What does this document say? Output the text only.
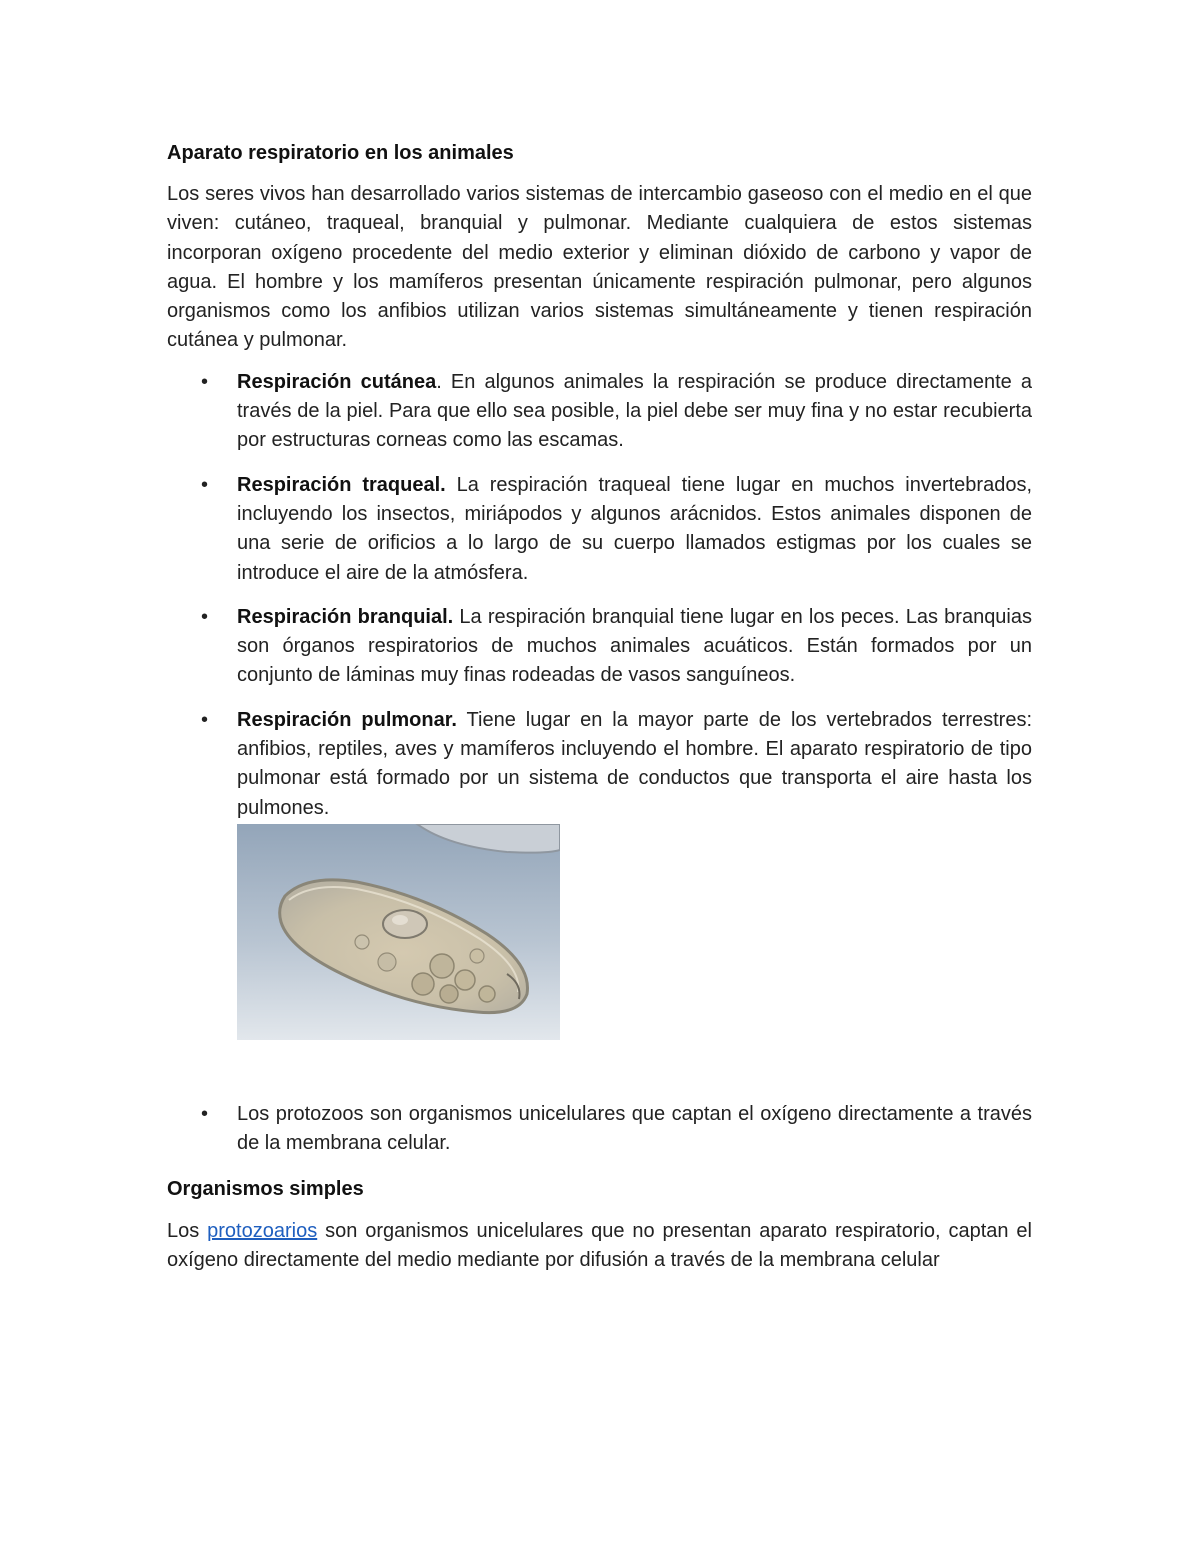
Aparato respiratorio en los animales

Los seres vivos han desarrollado varios sistemas de intercambio gaseoso con el medio en el que viven: cutáneo, traqueal, branquial y pulmonar. Mediante cualquiera de estos sistemas incorporan oxígeno procedente del medio exterior y eliminan dióxido de carbono y vapor de agua. El hombre y los mamíferos presentan únicamente respiración pulmonar, pero algunos organismos como los anfibios utilizan varios sistemas simultáneamente y tienen respiración cutánea y pulmonar.

• Respiración cutánea. En algunos animales la respiración se produce directamente a través de la piel. Para que ello sea posible, la piel debe ser muy fina y no estar recubierta por estructuras corneas como las escamas.
• Respiración traqueal. La respiración traqueal tiene lugar en muchos invertebrados, incluyendo los insectos, miriápodos y algunos arácnidos. Estos animales disponen de una serie de orificios a lo largo de su cuerpo llamados estigmas por los cuales se introduce el aire de la atmósfera.
• Respiración branquial. La respiración branquial tiene lugar en los peces. Las branquias son órganos respiratorios de muchos animales acuáticos. Están formados por un conjunto de láminas muy finas rodeadas de vasos sanguíneos.
• Respiración pulmonar. Tiene lugar en la mayor parte de los vertebrados terrestres: anfibios, reptiles, aves y mamíferos incluyendo el hombre. El aparato respiratorio de tipo pulmonar está formado por un sistema de conductos que transporta el aire hasta los pulmones.
• Los protozoos son organismos unicelulares que captan el oxígeno directamente a través de la membrana celular.
Organismos simples

Los protozoarios son organismos unicelulares que no presentan aparato respiratorio, captan el oxígeno directamente del medio mediante por difusión a través de la membrana celular
